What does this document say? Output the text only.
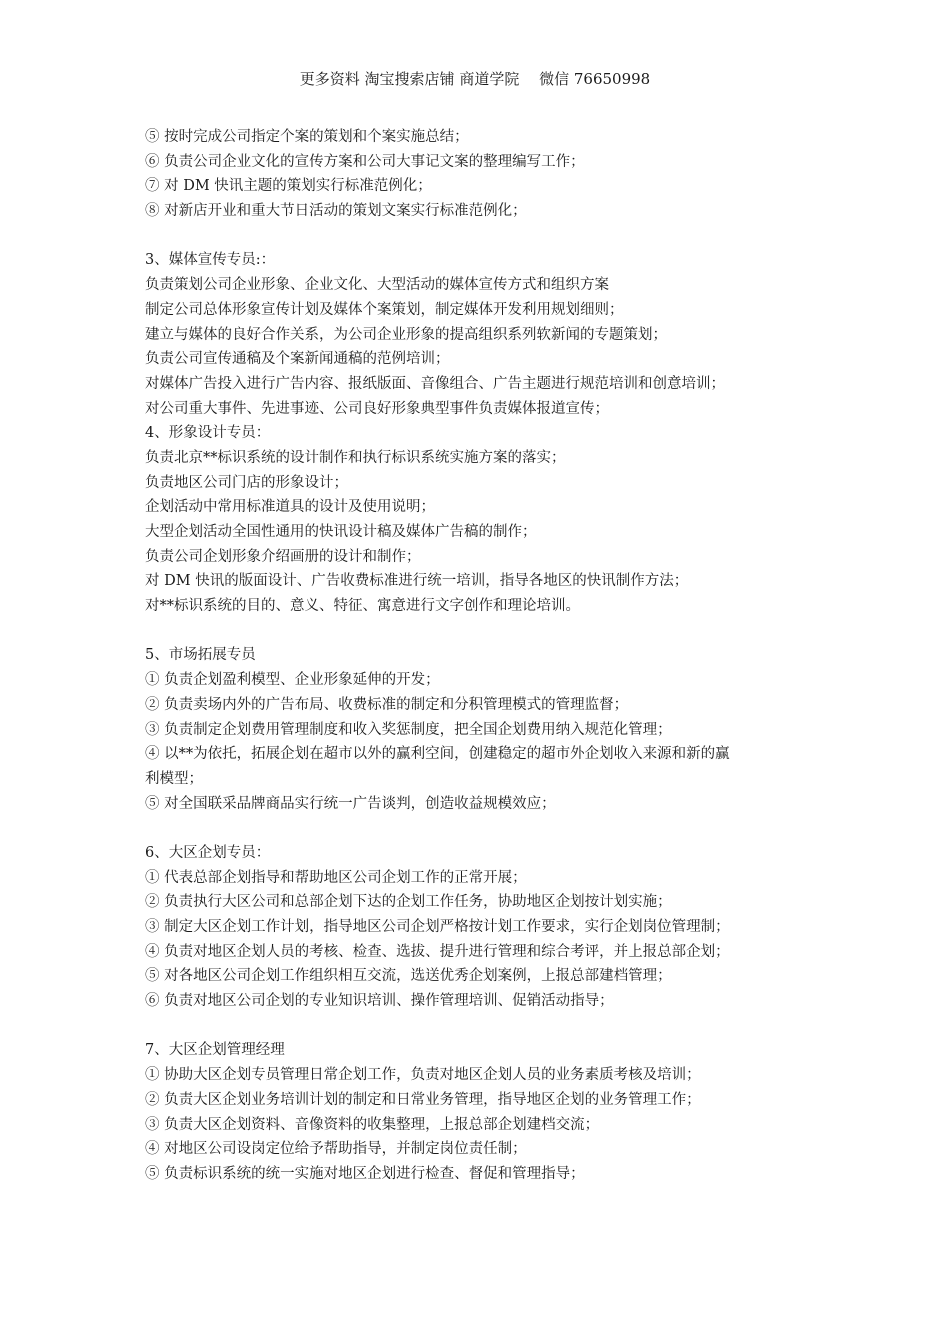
更多资料 淘宝搜索店铺 商道学院 　微信 76650998
⑤ 按时完成公司指定个案的策划和个案实施总结；
⑥ 负责公司企业文化的宣传方案和公司大事记文案的整理编写工作；
⑦ 对 DM 快讯主题的策划实行标准范例化；
⑧ 对新店开业和重大节日活动的策划文案实行标准范例化；
3、媒体宣传专员:：
负责策划公司企业形象、企业文化、大型活动的媒体宣传方式和组织方案
制定公司总体形象宣传计划及媒体个案策划，制定媒体开发利用规划细则；
建立与媒体的良好合作关系，为公司企业形象的提高组织系列软新闻的专题策划；
负责公司宣传通稿及个案新闻通稿的范例培训；
对媒体广告投入进行广告内容、报纸版面、音像组合、广告主题进行规范培训和创意培训；
对公司重大事件、先进事迹、公司良好形象典型事件负责媒体报道宣传；
4、形象设计专员：
负责北京**标识系统的设计制作和执行标识系统实施方案的落实；
负责地区公司门店的形象设计；
企划活动中常用标准道具的设计及使用说明；
大型企划活动全国性通用的快讯设计稿及媒体广告稿的制作；
负责公司企划形象介绍画册的设计和制作；
对 DM 快讯的版面设计、广告收费标准进行统一培训，指导各地区的快讯制作方法；
对**标识系统的目的、意义、特征、寓意进行文字创作和理论培训。
5、市场拓展专员
① 负责企划盈利模型、企业形象延伸的开发；
② 负责卖场内外的广告布局、收费标准的制定和分积管理模式的管理监督；
③ 负责制定企划费用管理制度和收入奖惩制度，把全国企划费用纳入规范化管理；
④ 以**为依托，拓展企划在超市以外的赢利空间，创建稳定的超市外企划收入来源和新的赢
利模型；
⑤ 对全国联采品牌商品实行统一广告谈判，创造收益规模效应；
6、大区企划专员：
① 代表总部企划指导和帮助地区公司企划工作的正常开展；
② 负责执行大区公司和总部企划下达的企划工作任务，协助地区企划按计划实施；
③ 制定大区企划工作计划，指导地区公司企划严格按计划工作要求，实行企划岗位管理制；
④ 负责对地区企划人员的考核、检查、选拔、提升进行管理和综合考评，并上报总部企划；
⑤ 对各地区公司企划工作组织相互交流，选送优秀企划案例，上报总部建档管理；
⑥ 负责对地区公司企划的专业知识培训、操作管理培训、促销活动指导；
7、大区企划管理经理
① 协助大区企划专员管理日常企划工作，负责对地区企划人员的业务素质考核及培训；
② 负责大区企划业务培训计划的制定和日常业务管理，指导地区企划的业务管理工作；
③ 负责大区企划资料、音像资料的收集整理，上报总部企划建档交流；
④ 对地区公司设岗定位给予帮助指导，并制定岗位责任制；
⑤ 负责标识系统的统一实施对地区企划进行检查、督促和管理指导；
